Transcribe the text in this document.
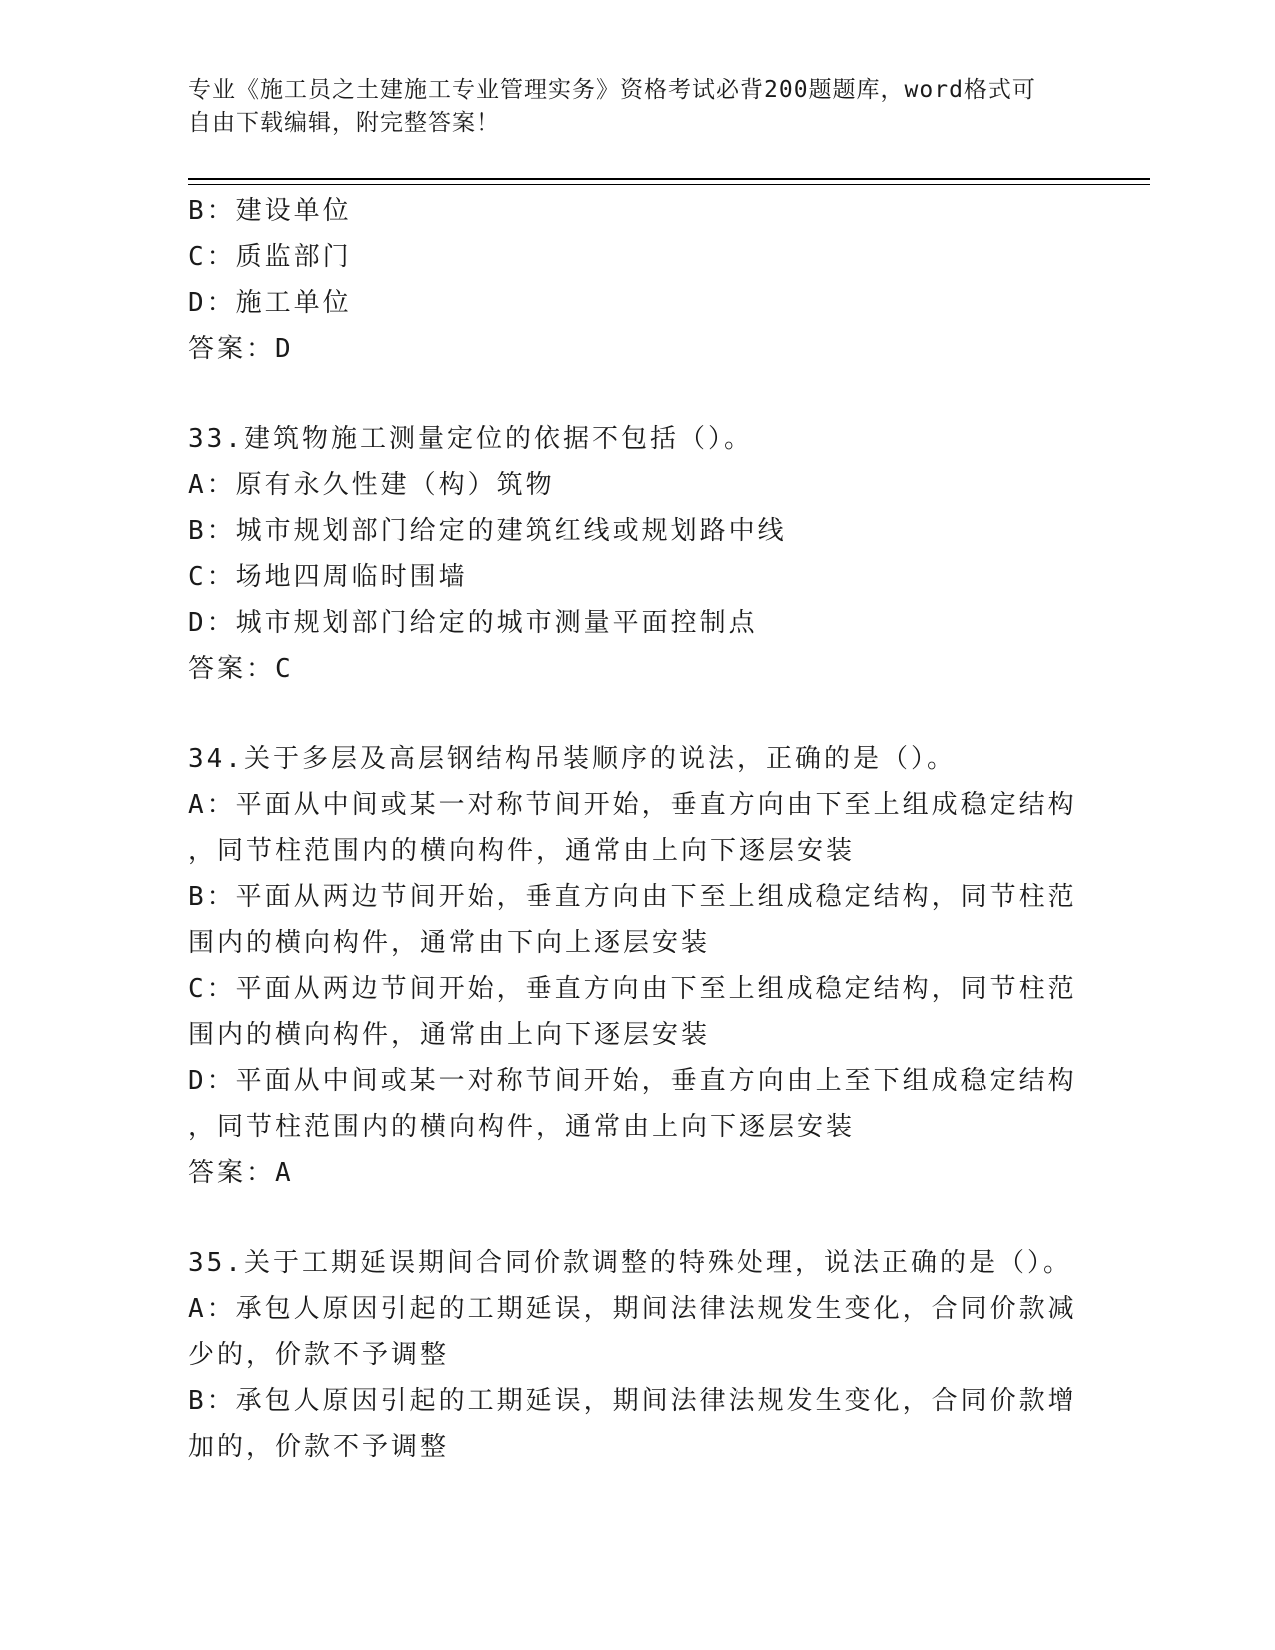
专业《施工员之土建施工专业管理实务》资格考试必背200题题库，word格式可
自由下载编辑，附完整答案！
B：建设单位
C：质监部门
D：施工单位
答案：D
33.建筑物施工测量定位的依据不包括（）。
A：原有永久性建（构）筑物
B：城市规划部门给定的建筑红线或规划路中线
C：场地四周临时围墙
D：城市规划部门给定的城市测量平面控制点
答案：C
34.关于多层及高层钢结构吊装顺序的说法，正确的是（）。
A：平面从中间或某一对称节间开始，垂直方向由下至上组成稳定结构
，同节柱范围内的横向构件，通常由上向下逐层安装
B：平面从两边节间开始，垂直方向由下至上组成稳定结构，同节柱范
围内的横向构件，通常由下向上逐层安装
C：平面从两边节间开始，垂直方向由下至上组成稳定结构，同节柱范
围内的横向构件，通常由上向下逐层安装
D：平面从中间或某一对称节间开始，垂直方向由上至下组成稳定结构
，同节柱范围内的横向构件，通常由上向下逐层安装
答案：A
35.关于工期延误期间合同价款调整的特殊处理，说法正确的是（）。
A：承包人原因引起的工期延误，期间法律法规发生变化，合同价款减
少的，价款不予调整
B：承包人原因引起的工期延误，期间法律法规发生变化，合同价款增
加的，价款不予调整
